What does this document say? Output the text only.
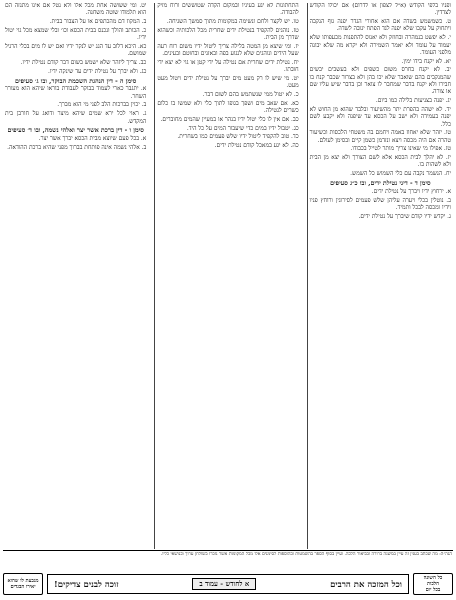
יט. ומי ששושה אחת מכל אלו ולא נטל אם אינו מתנזה הם הוא תלמודו שוטה משחנה.
ב. המקוז דם מהכתפים או על הצבור בבית.
כ. הכותב והולך ונכנס בבית הכסא וכו׳ ובלי שמצא מכל גוי יטול ידיו.
כא. היכא דלוב עד הגג יש לנקר ידיו ואם יש לו מים בכלי הרגיל שמושם.
כב. צריך ליזהר שלא ישמש בשום דבר קודם נטילת ידיו.
כג. ולא יברך על נטילת ידים עד שינקה ידיו.
סימן ה - דין הנהגת השכמת הבוקר, ובו ג׳ סעיפים
א. יתגבר כארי לעמוד בבוקר לעבודת בוראו שיהא הוא מעורר השחר.
ב. יכוין בברכות הלב לפני מי הוא מברך.
ג. ראוי לכל ירא שמים שיהא מיצר ודואג על חורבן בית המקדש.
סימן ו - דין ברכת אשר יצר ואלהי נשמה, ובו ד׳ סעיפים
א. בכל פעם שיוצא מבית הכסא יברך אשר יצר.
ב. אלהי נשמה אינה פותחת בברוך מפני שהיא ברכת ההודאה.
התחתונות לא יגע בעיניו ובמקום הקדה שטוששים ורוח מזיק להבודה.
טו. יש לקצר ולחם ונשימה במקומות מתוך סמשך השגיחה.
טז. נוהגים להקפיד בנטילת ידים שחרית מכל הלכותיה וכשהוא שדרך מן הבית.
יז. ומי שיצא מן המטה בלילה צריך ליטול ידיו משום רוח רעה שעל הידים ונוהגים שלא לנגוע בפה ובאזנים ובחוטם ובעינים.
יח. נטילת ידים שחרית אם נטילה על ידי קטן או גוי לא יצא ידי חובתו.
יט. מי שיש לו רק מעט מים יברך על נטילת ידים ויטול מעט מעט.
כ. לא יטול ממי שנשתמש בהם לשום דבר.
כא. אם שאב מים ושפך בגופו לתוך כלי ולא שמשו בו כלום כשרים לנטילה.
כב. אם אין לו כלי יטול ידיו בנהר או במעיין שהמים מחוברים.
כג. יטבול ידיו במים כדי שיעבור המים על כל היד.
כד. טוב להקפיד ליטול ידיו שלש פעמים כמו בשחרית.
כה. לא יגע במאכל קודם נטילת ידים.
ופניו בלפי הקודש (א״ל לצפון או לדרום) אם יכולו הקודש לצדדין.
ט. כשמשמש בשדה אם הוא אחורי הגדר יפנה גוף הנקבה ויתחוק על עקבו שלא יפנה לגד הפתח יגובה לשדה.
י. לא יפשט בנמהרה ובחוזק ולא יאנוס להתפנות מכעפותו שלא יעמוד על עומד ולא יאמר השמירה ולא יקרא מה שלא יבונה מלפני העומד.
יא. לא יקנח בידו ימין.
יב. לא יקנח בחרס משום כשפים ולא בעשבים יבשים שהמנקבים בהם שואבר שלא יכו בהן ולא בצרור שכבר קנח בו חבירו ולא יקנח בדבר שמחבר לו צואר וכן בדבר שיש עליו שם או צורה.
יג. יפנה בצניעות בלילה כמו ביום.
יד. לא ישהה בהפרת יתר מהשיעור ובלבד שהוא מן החוש לא יפנה בעמידה ולא ישב על הכסא עד שיפנה ולא יקבע לשם כלל.
טו. יזהר שלא יאחוז באמה ויחמם בה משטחי הלכסות וכשיעור טהרה אם היה מכסה ויצא ונזדמן כשמן קיים ובסימן לעולם.
טז. אפילו מי שאינו צריך מותר לטייל בכבודו.
יז. לא יהלך לבית הכסא אלא לשם הצורך ולא יצא מן הבית ולא לשהות בו.
יח. הנשמר נקבה עם כלי השמוש כל השמש.
סימן ד - דיני נטילת ידים, ובו כ״ג סעיפים
א. ירחוץ ידיו ויברך על נטילת ידים.
ב. נוטלין בכלי ויערה עליהן שלש פעמים לסירוגין ורוחץ פניו וידיו ומכסה לבכל ותמיד.
ג. יקדש ידיו קודם שיברך על נטילת ידים.
הגה״ה: מה שכתב בענין זה עיין במשנה ברורה ובביאור הלכה. ועיין בסוף הספר בהשמטות ובהוספות לסימנים אלו מכל המקומות אשר נזכרו בשולחן ערוך ובנושאי כליו.
כל השונה
הלכות
בכל יום
וכל המזכה את הרבים
א לחודש - עמוד ב
זוכה לבנים צדיקים!
מגבעת לו שהוא
יאירו הבגדים
